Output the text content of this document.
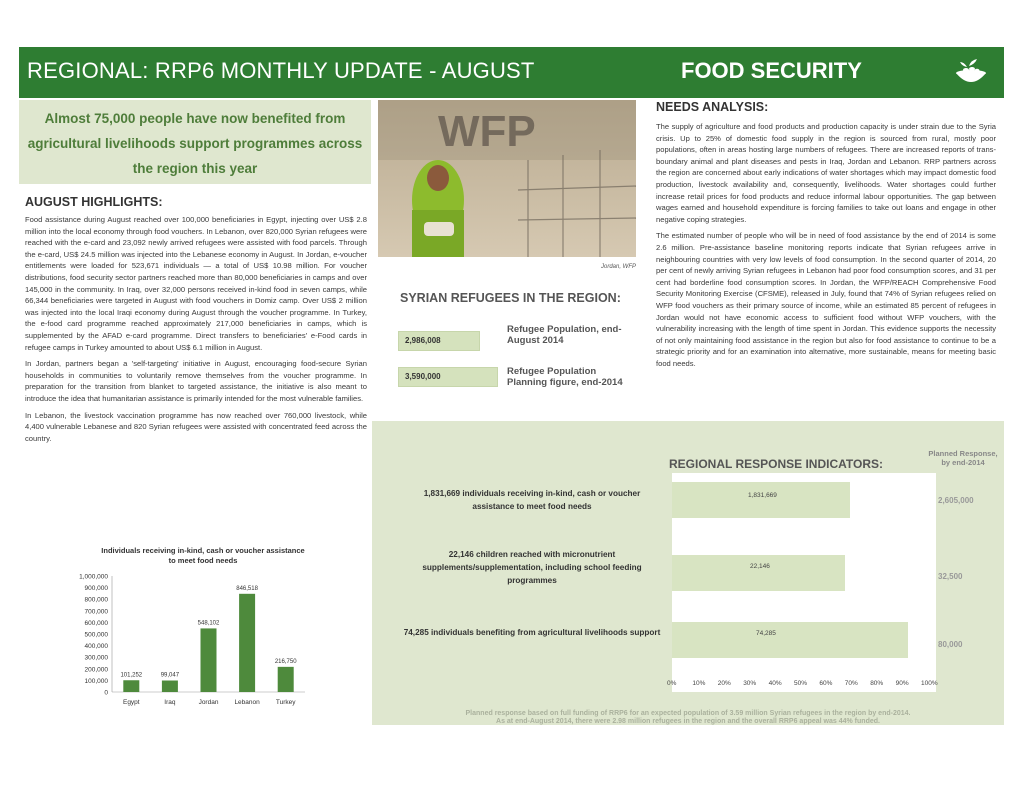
REGIONAL: RRP6 MONTHLY UPDATE - AUGUST	FOOD SECURITY
Almost 75,000 people have now benefited from agricultural livelihoods support programmes across the region this year
WFP
Jordan, WFP
AUGUST HIGHLIGHTS:

Food assistance during August reached over 100,000 beneficiaries in Egypt, injecting over US$ 2.8 million into the local economy through food vouchers. In Lebanon, over 820,000 Syrian refugees were reached with the e-card and 23,092 newly arrived refugees were assisted with food parcels. Through the e-card, US$ 24.5 million was injected into the Lebanese economy in August. In Jordan, e-voucher entitlements were loaded for 523,671 individuals — a total of US$ 10.98 million. For voucher distributions, food security sector partners reached more than 80,000 beneficiaries in camps and over 145,000 in the community. In Iraq, over 32,000 persons received in-kind food in seven camps, while 66,344 beneficiaries were targeted in August with food vouchers in Domiz camp. Over US$ 2 million was injected into the local Iraqi economy during August through the voucher programme. In Turkey, the e-food card programme reached approximately 217,000 beneficiaries in camps, which is supplemented by the AFAD e-card programme. Direct transfers to beneficiaries' e-Food cards in refugee camps in Turkey amounted to about US$ 6.1 million in August.

In Jordan, partners began a 'self-targeting' initiative in August, encouraging food-secure Syrian households in communities to voluntarily remove themselves from the voucher programme. In preparation for the transition from blanket to targeted assistance, the initiative is also meant to introduce the idea that humanitarian assistance is primarily intended for the most vulnerable families.

In Lebanon, the livestock vaccination programme has now reached over 760,000 livestock, while 4,400 vulnerable Lebanese and 820 Syrian refugees were assisted with concentrated feed across the country.

NEEDS ANALYSIS:

The supply of agriculture and food products and production capacity is under strain due to the Syria crisis. Up to 25% of domestic food supply in the region is sourced from rural, mostly poor populations, often in areas hosting large numbers of refugees. There are increased reports of trans-boundary animal and plant diseases and pests in Iraq, Jordan and Lebanon. RRP partners across the region are concerned about early indications of water shortages which may impact domestic food production, livestock availability and, consequently, livelihoods. Water shortages could further increase retail prices for food products and reduce informal labour opportunities. The gap between wages earned and household expenditure is forcing families to take out loans and engage in other negative coping strategies.

The estimated number of people who will be in need of food assistance by the end of 2014 is some 2.6 million. Pre-assistance baseline monitoring reports indicate that Syrian refugees arrive in neighbouring countries with very low levels of food consumption. In the second quarter of 2014, 20 per cent of newly arriving Syrian refugees in Lebanon had poor food consumption scores, and 31 per cent had borderline food consumption scores. In Jordan, the WFP/REACH Comprehensive Food Security Monitoring Exercise (CFSME), released in July, found that 74% of Syrian refugees relied on WFP food vouchers as their primary source of income, while an estimated 85 percent of refugees in Jordan would not have economic access to sufficient food without WFP vouchers, with the vulnerability increasing with the length of time spent in Jordan. This evidence supports the necessity of not only maintaining food assistance in the region but also for food assistance to continue to be a strategic priority and for an examination into alternative, more sustainable, means for meeting basic food needs.

SYRIAN REFUGEES IN THE REGION:
2,986,008
Refugee Population, end-August 2014
3,590,000	Refugee Population Planning figure, end-2014
REGIONAL RESPONSE INDICATORS:
Planned Response, by end-2014
1,831,669 individuals receiving in-kind, cash or voucher assistance to meet food needs
22,146 children reached with micronutrient supplements/supplementation, including school feeding programmes
74,285 individuals benefiting from agricultural livelihoods support
1,831,669
22,146
74,285
2,605,000
32,500
80,000
0% 10% 20% 30% 40% 50% 60% 70% 80% 90% 100%
Planned response based on full funding of RRP6 for an expected population of 3.59 million Syrian refugees in the region by end-2014.
As at end-August 2014, there were 2.98 million refugees in the region and the overall RRP6 appeal was 44% funded.
Individuals receiving in-kind, cash or voucher assistance
to meet food needs
0
100,000
200,000
300,000
400,000
500,000
600,000
700,000
800,000
900,000
1,000,000
101,252
Egypt
99,047
Iraq
548,102
Jordan
846,518
Lebanon
216,750
Turkey
